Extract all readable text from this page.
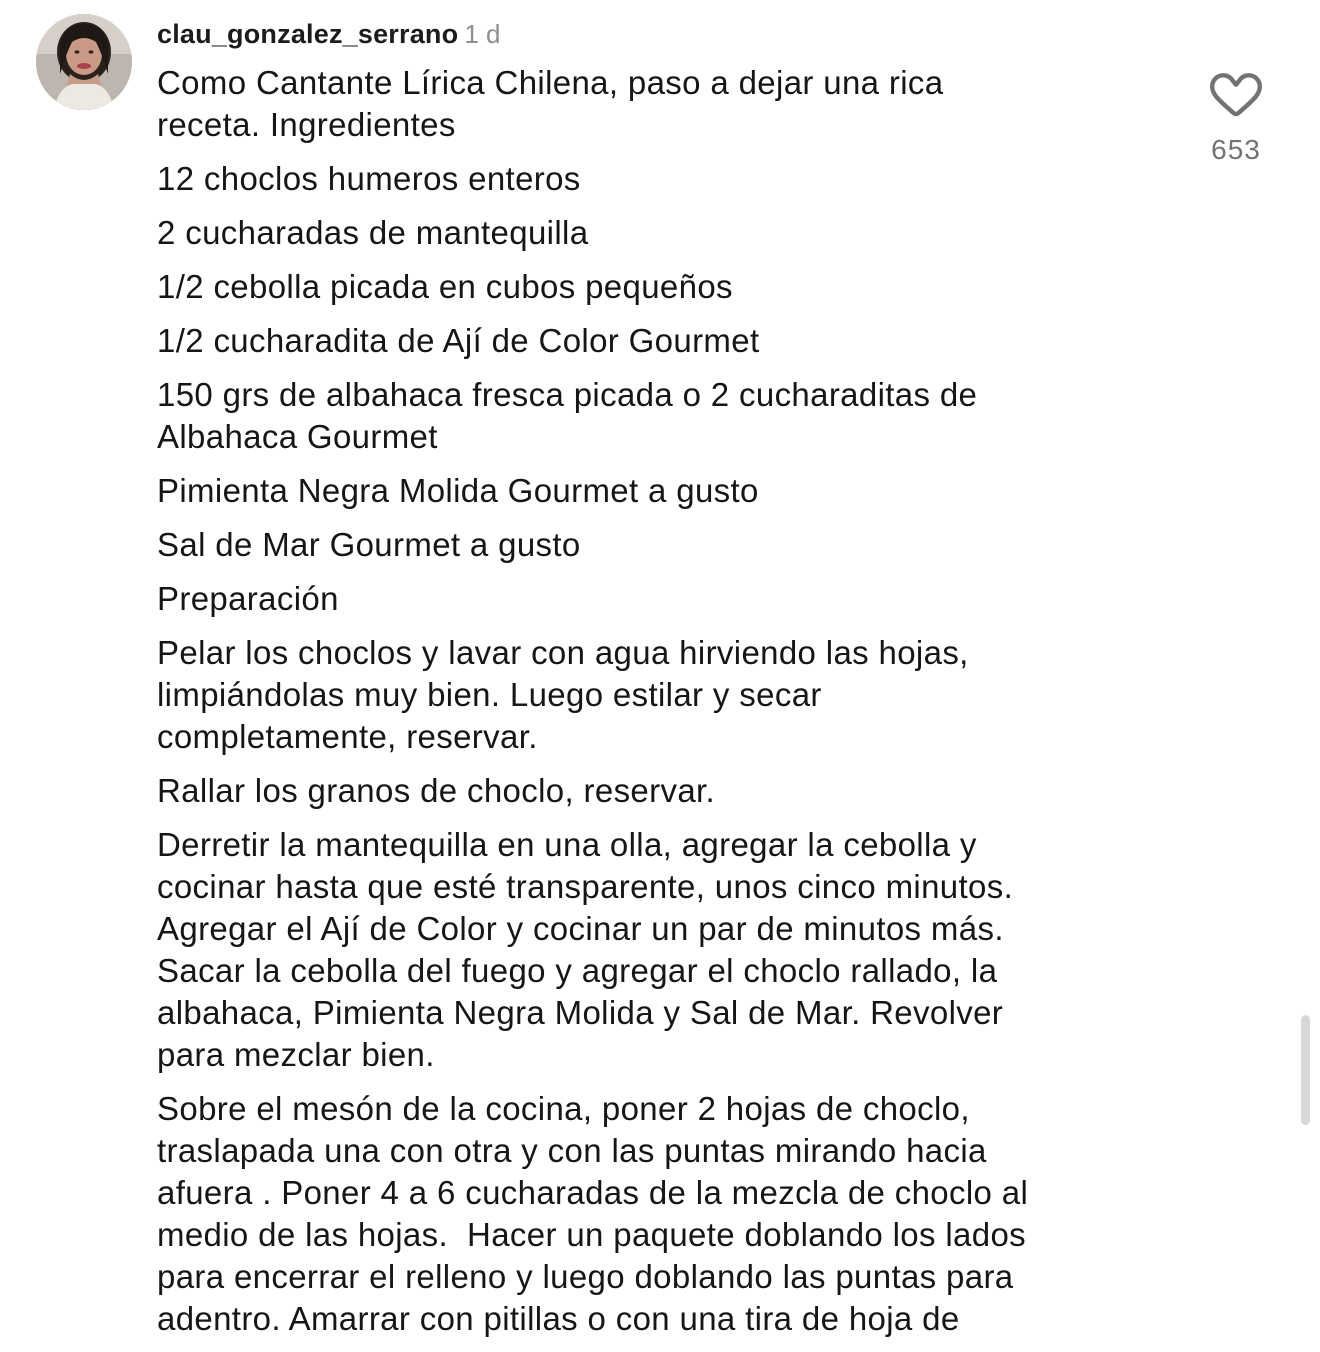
clau_gonzalez_serrano 1 d

Como Cantante Lírica Chilena, paso a dejar una rica
receta. Ingredientes

12 choclos humeros enteros

2 cucharadas de mantequilla

1/2 cebolla picada en cubos pequeños

1/2 cucharadita de Ají de Color Gourmet

150 grs de albahaca fresca picada o 2 cucharaditas de
Albahaca Gourmet

Pimienta Negra Molida Gourmet a gusto

Sal de Mar Gourmet a gusto

Preparación

Pelar los choclos y lavar con agua hirviendo las hojas,
limpiándolas muy bien. Luego estilar y secar
completamente, reservar.

Rallar los granos de choclo, reservar.

Derretir la mantequilla en una olla, agregar la cebolla y
cocinar hasta que esté transparente, unos cinco minutos.
Agregar el Ají de Color y cocinar un par de minutos más.
Sacar la cebolla del fuego y agregar el choclo rallado, la
albahaca, Pimienta Negra Molida y Sal de Mar. Revolver
para mezclar bien.

Sobre el mesón de la cocina, poner 2 hojas de choclo,
traslapada una con otra y con las puntas mirando hacia
afuera . Poner 4 a 6 cucharadas de la mezcla de choclo al
medio de las hojas.  Hacer un paquete doblando los lados
para encerrar el relleno y luego doblando las puntas para
adentro. Amarrar con pitillas o con una tira de hoja de

653
